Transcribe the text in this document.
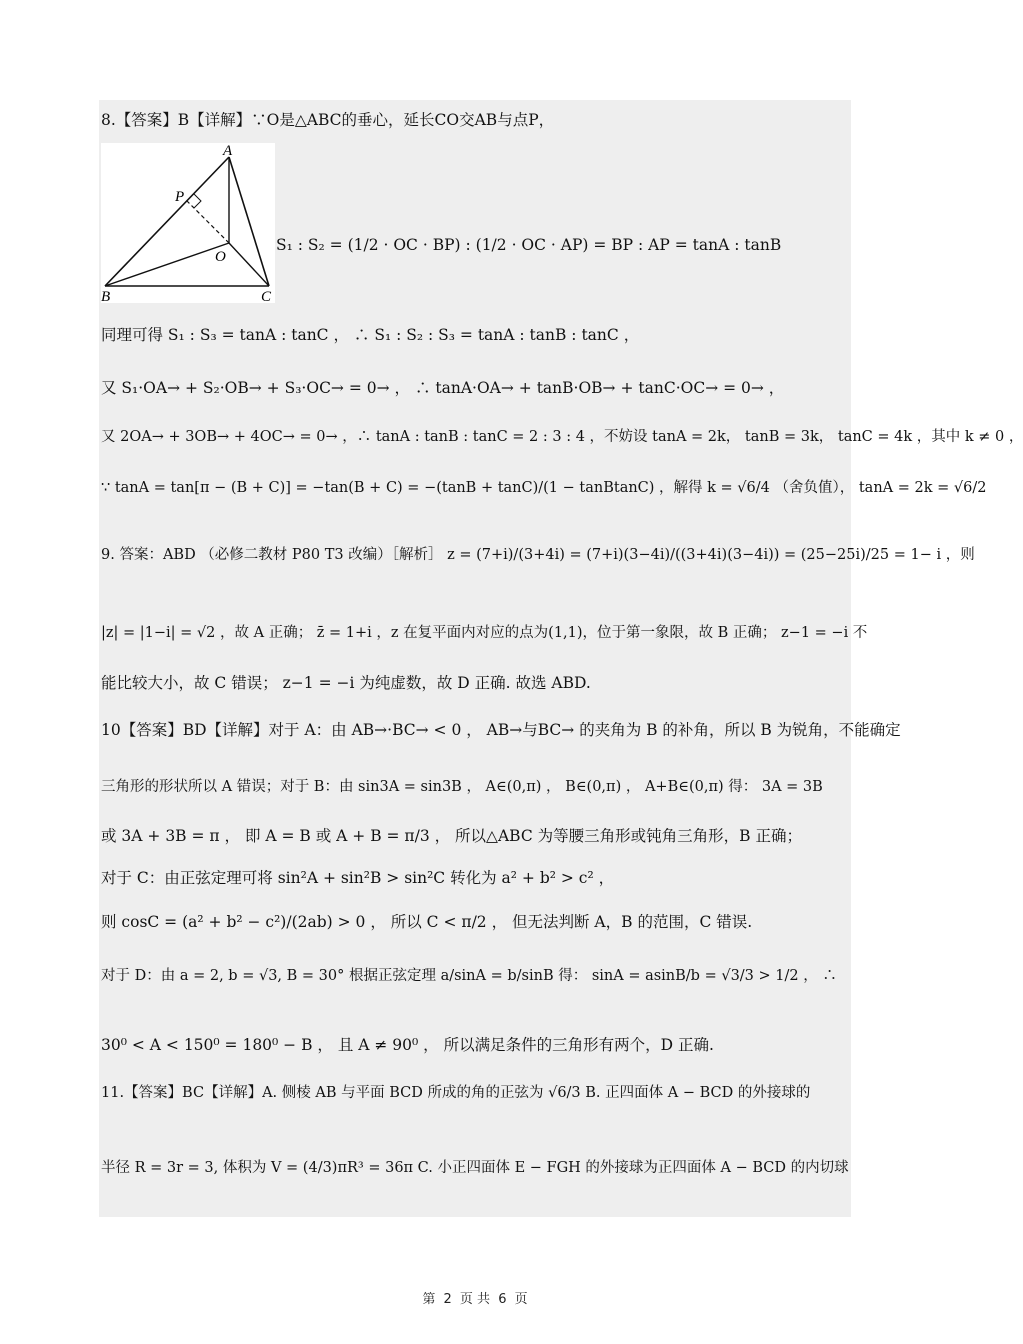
A
B	C
O
P
8.【答案】B【详解】∵O是△ABC的垂心，延长CO交AB与点P，
S₁ : S₂ = (1/2 · OC · BP) : (1/2 · OC · AP) = BP : AP = tanA : tanB
同理可得 S₁ : S₃ = tanA : tanC ， ∴ S₁ : S₂ : S₃ = tanA : tanB : tanC ，
又 S₁·OA→ + S₂·OB→ + S₃·OC→ = 0→ ， ∴ tanA·OA→ + tanB·OB→ + tanC·OC→ = 0→ ，
又 2OA→ + 3OB→ + 4OC→ = 0→ ，∴ tanA : tanB : tanC = 2 : 3 : 4 ，不妨设 tanA = 2k， tanB = 3k， tanC = 4k ，其中 k ≠ 0 ，
∵ tanA = tan[π − (B + C)] = −tan(B + C) = −(tanB + tanC)/(1 − tanBtanC) ，解得 k = √6/4 （舍负值）， tanA = 2k = √6/2
9. 答案：ABD （必修二教材 P80 T3 改编）［解析］ z = (7+i)/(3+4i) = (7+i)(3−4i)/((3+4i)(3−4i)) = (25−25i)/25 = 1− i ，则
|z| = |1−i| = √2 ，故 A 正确； z̄ = 1+i ，z 在复平面内对应的点为(1,1)，位于第一象限，故 B 正确； z−1 = −i 不
能比较大小，故 C 错误； z−1 = −i 为纯虚数，故 D 正确. 故选 ABD.
10【答案】BD【详解】对于 A：由 AB→·BC→ < 0 ， AB→与BC→ 的夹角为 B 的补角，所以 B 为锐角，不能确定
三角形的形状所以 A 错误；对于 B：由 sin3A = sin3B ， A∈(0,π) ， B∈(0,π) ， A+B∈(0,π) 得： 3A = 3B
或 3A + 3B = π ， 即 A = B 或 A + B = π/3 ， 所以△ABC 为等腰三角形或钝角三角形，B 正确；
对于 C：由正弦定理可将 sin²A + sin²B > sin²C 转化为 a² + b² > c² ，
则 cosC = (a² + b² − c²)/(2ab) > 0 ， 所以 C < π/2 ， 但无法判断 A，B 的范围，C 错误.
对于 D：由 a = 2, b = √3, B = 30° 根据正弦定理 a/sinA = b/sinB 得： sinA = asinB/b = √3/3 > 1/2 ， ∴
30⁰ < A < 150⁰ = 180⁰ − B ， 且 A ≠ 90⁰ ， 所以满足条件的三角形有两个，D 正确.
11.【答案】BC【详解】A. 侧棱 AB 与平面 BCD 所成的角的正弦为 √6/3 B. 正四面体 A − BCD 的外接球的
半径 R = 3r = 3, 体积为 V = (4/3)πR³ = 36π C. 小正四面体 E − FGH 的外接球为正四面体 A − BCD 的内切球
第 2 页 共 6 页
